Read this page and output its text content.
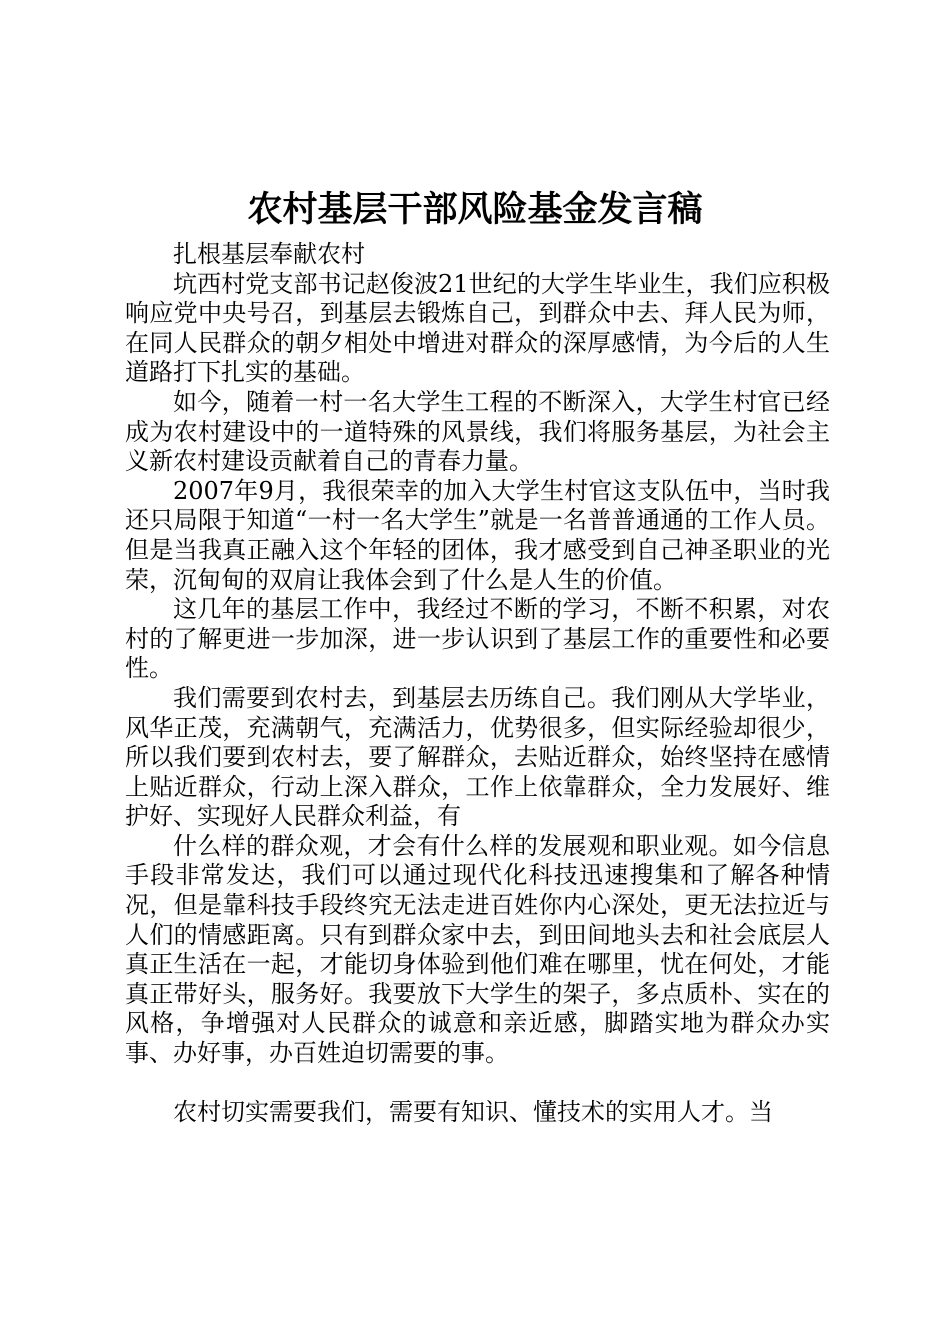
农村基层干部风险基金发言稿

扎根基层奉献农村

坑西村党支部书记赵俊波21世纪的大学生毕业生，我们应积极响应党中央号召，到基层去锻炼自己，到群众中去、拜人民为师，在同人民群众的朝夕相处中增进对群众的深厚感情，为今后的人生道路打下扎实的基础。

如今，随着一村一名大学生工程的不断深入，大学生村官已经成为农村建设中的一道特殊的风景线，我们将服务基层，为社会主义新农村建设贡献着自己的青春力量。

2007年9月，我很荣幸的加入大学生村官这支队伍中，当时我还只局限于知道“一村一名大学生”就是一名普普通通的工作人员。但是当我真正融入这个年轻的团体，我才感受到自己神圣职业的光荣，沉甸甸的双肩让我体会到了什么是人生的价值。

这几年的基层工作中，我经过不断的学习，不断不积累，对农村的了解更进一步加深，进一步认识到了基层工作的重要性和必要性。

我们需要到农村去，到基层去历练自己。我们刚从大学毕业，风华正茂，充满朝气，充满活力，优势很多，但实际经验却很少，所以我们要到农村去，要了解群众，去贴近群众，始终坚持在感情上贴近群众，行动上深入群众，工作上依靠群众，全力发展好、维护好、实现好人民群众利益，有

什么样的群众观，才会有什么样的发展观和职业观。如今信息手段非常发达，我们可以通过现代化科技迅速搜集和了解各种情况，但是靠科技手段终究无法走进百姓你内心深处，更无法拉近与人们的情感距离。只有到群众家中去，到田间地头去和社会底层人真正生活在一起，才能切身体验到他们难在哪里，忧在何处，才能真正带好头，服务好。我要放下大学生的架子，多点质朴、实在的风格，争增强对人民群众的诚意和亲近感，脚踏实地为群众办实事、办好事，办百姓迫切需要的事。

农村切实需要我们，需要有知识、懂技术的实用人才。当
